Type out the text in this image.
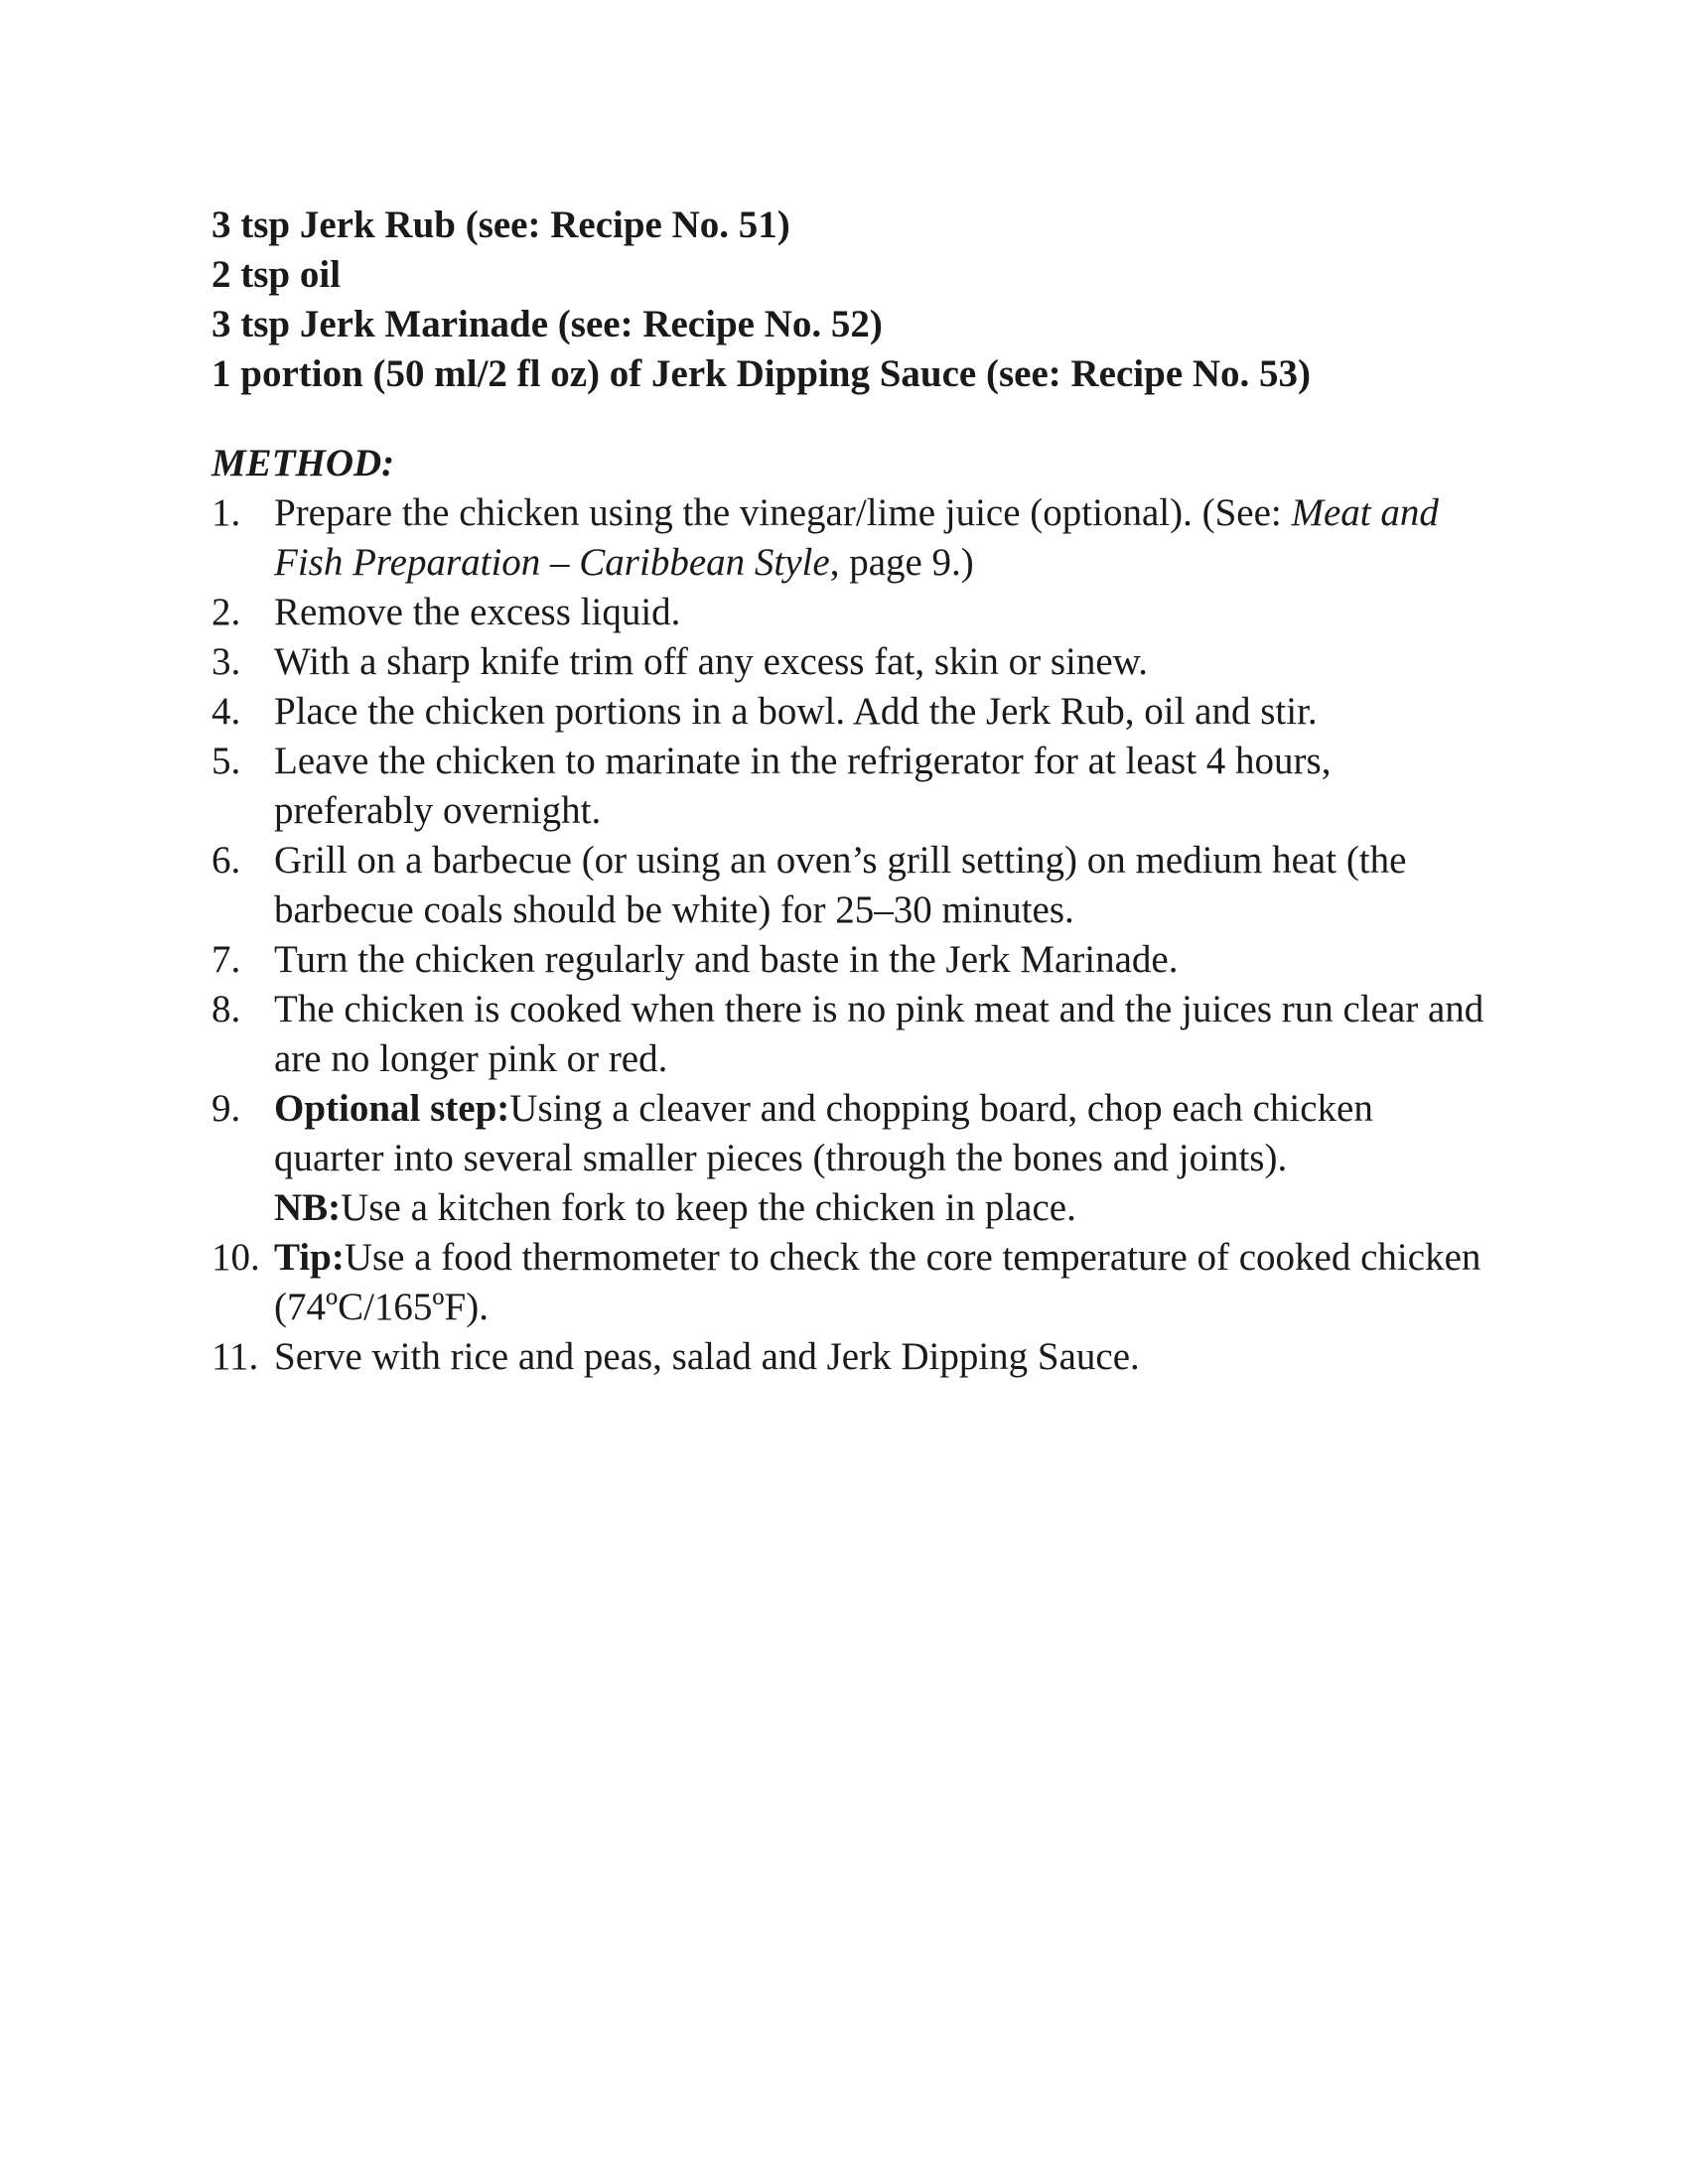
3 tsp Jerk Rub (see: Recipe No. 51)
2 tsp oil
3 tsp Jerk Marinade (see: Recipe No. 52)
1 portion (50 ml/2 fl oz) of Jerk Dipping Sauce (see: Recipe No. 53)
METHOD:
1. Prepare the chicken using the vinegar/lime juice (optional). (See: Meat and Fish Preparation – Caribbean Style, page 9.)
2. Remove the excess liquid.
3. With a sharp knife trim off any excess fat, skin or sinew.
4. Place the chicken portions in a bowl. Add the Jerk Rub, oil and stir.
5. Leave the chicken to marinate in the refrigerator for at least 4 hours, preferably overnight.
6. Grill on a barbecue (or using an oven’s grill setting) on medium heat (the barbecue coals should be white) for 25–30 minutes.
7. Turn the chicken regularly and baste in the Jerk Marinade.
8. The chicken is cooked when there is no pink meat and the juices run clear and are no longer pink or red.
9. Optional step:Using a cleaver and chopping board, chop each chicken quarter into several smaller pieces (through the bones and joints).
NB:Use a kitchen fork to keep the chicken in place.
10. Tip:Use a food thermometer to check the core temperature of cooked chicken (74ºC/165ºF).
11. Serve with rice and peas, salad and Jerk Dipping Sauce.
